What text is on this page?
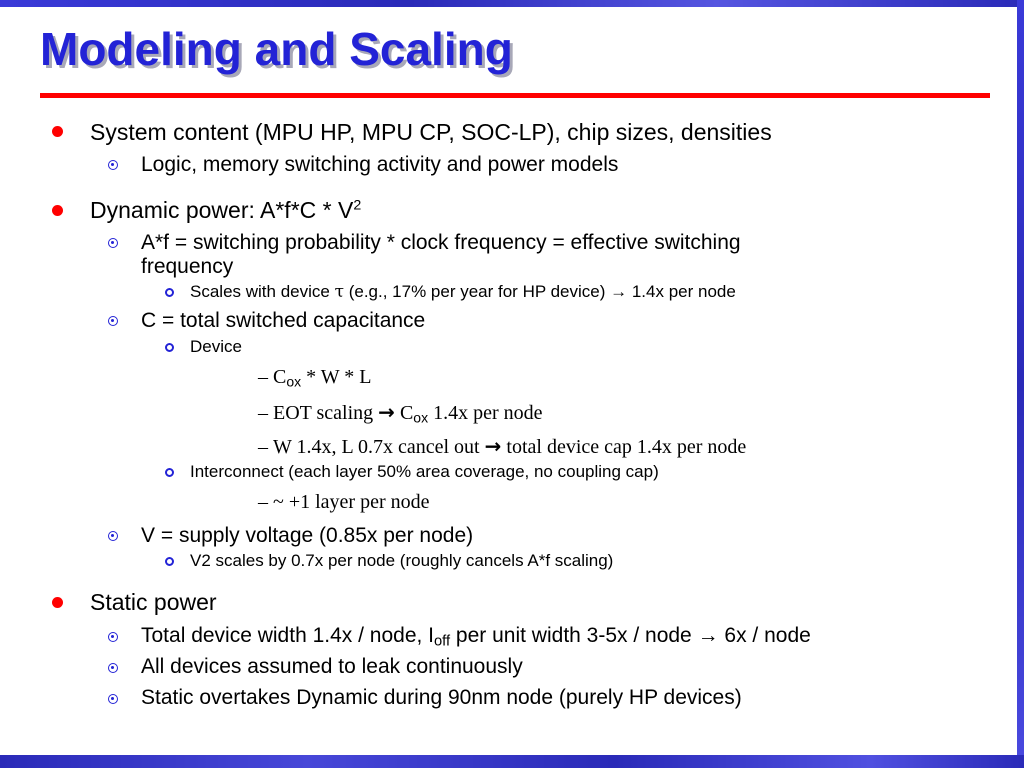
Modeling and Scaling
System content (MPU HP, MPU CP, SOC-LP), chip sizes, densities
Logic, memory switching activity and power models
Dynamic power: $A*f*C * V^2$
A*f = switching probability * clock frequency = effective switching
frequency
Scales with device τ (e.g., 17% per year for HP device) → 1.4x per node
C = total switched capacitance
Device
– $C_{ox}$ * W * L
– EOT scaling → $C_{ox}$ 1.4x per node
– W 1.4x, L 0.7x cancel out → total device cap 1.4x per node
Interconnect (each layer 50% area coverage, no coupling cap)
– ~ +1 layer per node
V = supply voltage (0.85x per node)
V2 scales by 0.7x per node (roughly cancels A*f scaling)
Static power
Total device width 1.4x / node, $I_{off}$ per unit width 3-5x / node → 6x / node
All devices assumed to leak continuously
Static overtakes Dynamic during 90nm node (purely HP devices)
